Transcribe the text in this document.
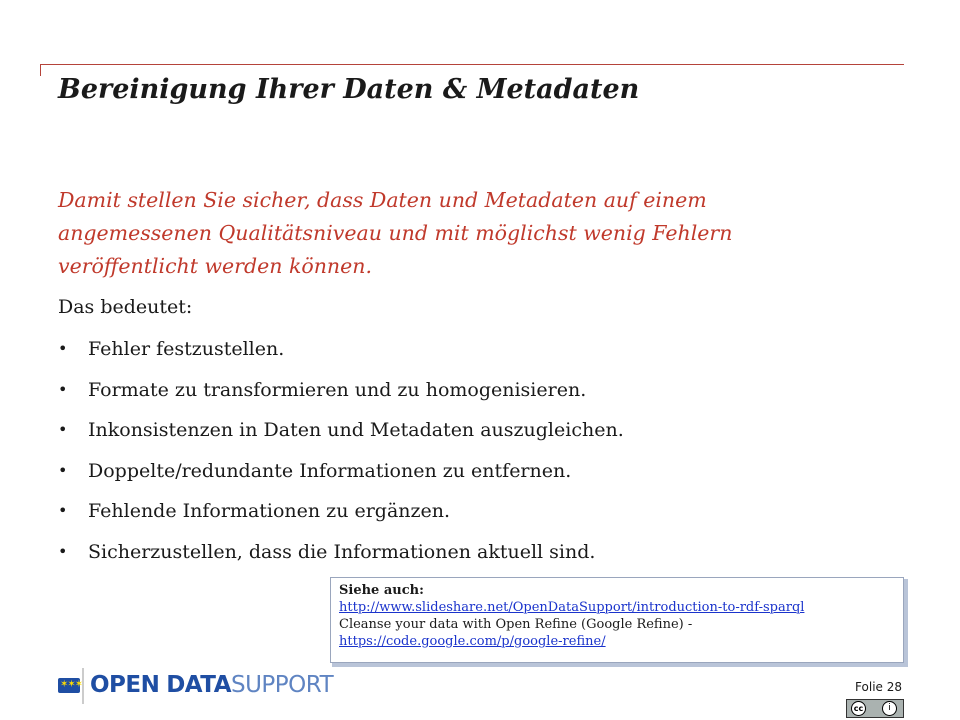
Bereinigung Ihrer Daten & Metadaten

Damit stellen Sie sicher, dass Daten und Metadaten auf einem angemessenen Qualitätsniveau und mit möglichst wenig Fehlern veröffentlicht werden können.

Das bedeutet:

• Fehler festzustellen.
• Formate zu transformieren und zu homogenisieren.
• Inkonsistenzen in Daten und Metadaten auszugleichen.
• Doppelte/redundante Informationen zu entfernen.
• Fehlende Informationen zu ergänzen.
• Sicherzustellen, dass die Informationen aktuell sind.
Siehe auch:
http://www.slideshare.net/OpenDataSupport/introduction-to-rdf-sparql
Cleanse your data with Open Refine (Google Refine) -
https://code.google.com/p/google-refine/
✶✶✶ OPEN DATASUPPORT	Folie 28
cc	i
